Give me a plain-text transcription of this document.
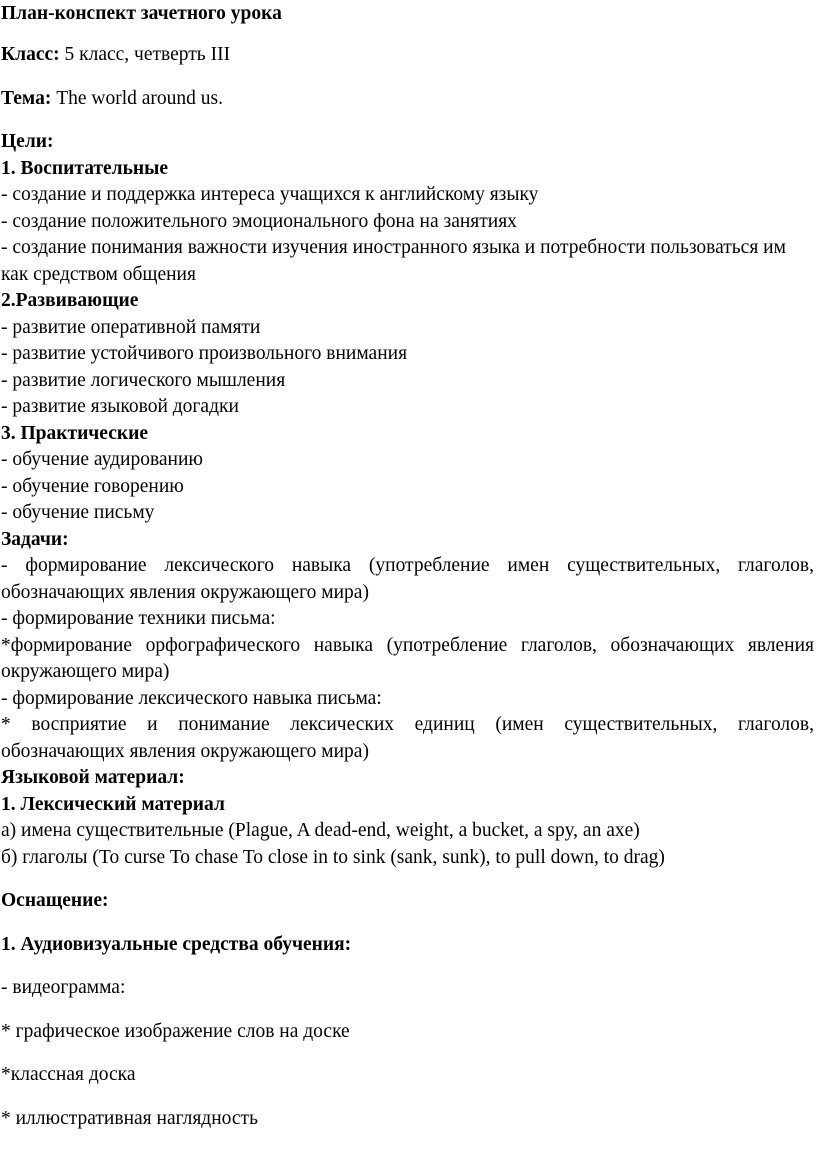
План-конспект зачетного урока
Класс: 5 класс, четверть III
Тема: The world around us.
Цели:
1. Воспитательные
- создание и поддержка интереса учащихся к английскому языку
- создание положительного эмоционального фона на занятиях
- создание понимания важности изучения иностранного языка и потребности пользоваться им
как средством общения
2.Развивающие
- развитие оперативной памяти
- развитие устойчивого произвольного внимания
- развитие логического мышления
- развитие языковой догадки
3. Практические
- обучение аудированию
- обучение говорению
- обучение письму
Задачи:
- формирование лексического навыка (употребление имен существительных, глаголов,
обозначающих явления окружающего мира)
- формирование техники письма:
*формирование орфографического навыка (употребление глаголов, обозначающих явления
окружающего мира)
- формирование лексического навыка письма:
* восприятие и понимание лексических единиц (имен существительных, глаголов,
обозначающих явления окружающего мира)
Языковой материал:
1. Лексический материал
а) имена существительные (Plague, A dead-end, weight, a bucket, a spy, an axe)
б) глаголы (To curse To chase To close in to sink (sank, sunk), to pull down, to drag)
Оснащение:
1. Аудиовизуальные средства обучения:
- видеограмма:
* графическое изображение слов на доске
*классная доска
* иллюстративная наглядность
